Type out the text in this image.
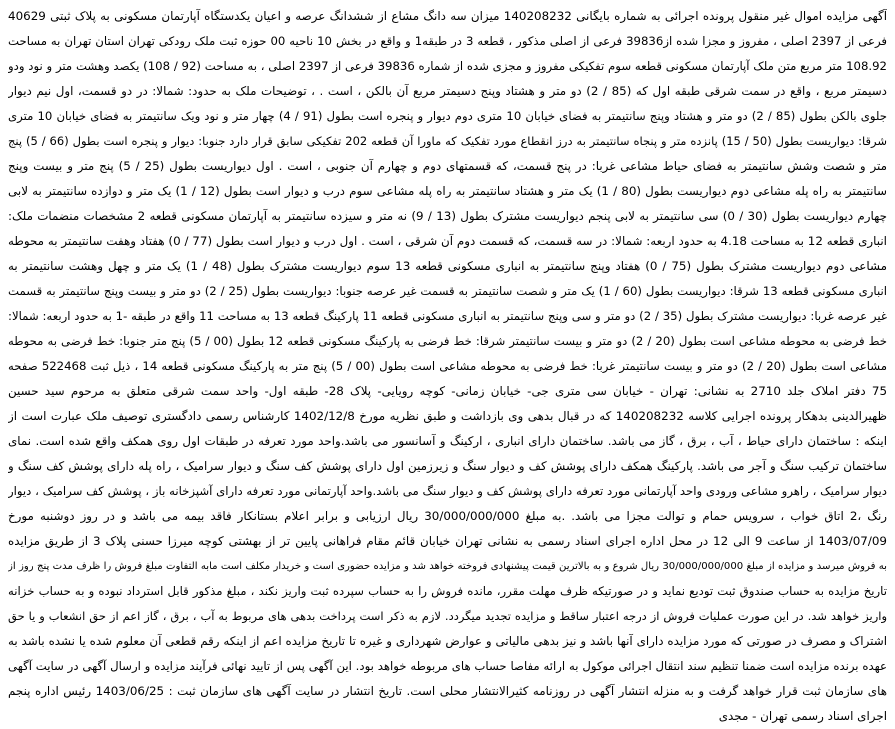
آگهی مزایده اموال غیر منقول پرونده اجرائی به شماره بایگانی 140208232 میزان سه دانگ مشاع از ششدانگ عرصه و اعیان یکدستگاه آپارتمان مسکونی به پلاک ثبتی 40629
فرعی از 2397 اصلی ، مفروز و مجزا شده از39836 فرعی از اصلی مذکور ، قطعه 3 در طبقه1 و واقع در بخش 10 ناحیه 00 حوزه ثبت ملک رودکی تهران استان تهران به مساحت
108.92 متر مربع متن ملک آپارتمان مسکونی قطعه سوم تفکیکی مفروز و مجزی شده از شماره 39836 فرعی از 2397 اصلی ، به مساحت (92 / 108) یکصد وهشت متر و نود ودو
دسیمتر مربع ، واقع در سمت شرقی طبقه اول که (85 / 2) دو متر و هشتاد وپنج دسیمتر مربع آن بالکن ، است . ، توضیحات ملک به حدود: شمالا: در دو قسمت، اول نیم دیوار
جلوی بالکن بطول (85 / 2) دو متر و هشتاد وپنج سانتیمتر به فضای خیابان 10 متری دوم دیوار و پنجره است بطول (91 / 4) چهار متر و نود ویک سانتیمتر به فضای خیابان 10 متری
شرقا: دیواریست بطول (50 / 15) پانزده متر و پنجاه سانتیمتر به درز انقطاع مورد تفکیک که ماورا آن قطعه 202 تفکیکی سابق قرار دارد جنوبا: دیوار و پنجره است بطول (66 / 5) پنج
متر و شصت وشش سانتیمتر به فضای حیاط مشاعی غربا: در پنج قسمت، که قسمتهای دوم و چهارم آن جنوبی ، است . اول دیواریست بطول (25 / 5) پنج متر و بیست وپنج
سانتیمتر به راه پله مشاعی دوم دیواریست بطول (80 / 1) یک متر و هشتاد سانتیمتر به راه پله مشاعی سوم درب و دیوار است بطول (12 / 1) یک متر و دوازده سانتیمتر به لابی
چهارم دیواریست بطول (30 / 0) سی سانتیمتر به لابی پنجم دیواریست مشترک بطول (13 / 9) نه متر و سیزده سانتیمتر به آپارتمان مسکونی قطعه 2 مشخصات منضمات ملک:
انباری قطعه 12 به مساحت 4.18 به حدود اربعه: شمالا: در سه قسمت، که قسمت دوم آن شرقی ، است . اول درب و دیوار است بطول (77 / 0) هفتاد وهفت سانتیمتر به محوطه
مشاعی دوم دیواریست مشترک بطول (75 / 0) هفتاد وپنج سانتیمتر به انباری مسکونی قطعه 13 سوم دیواریست مشترک بطول (48 / 1) یک متر و چهل وهشت سانتیمتر به
انباری مسکونی قطعه 13 شرقا: دیواریست بطول (60 / 1) یک متر و شصت سانتیمتر به قسمت غیر عرصه جنوبا: دیواریست بطول (25 / 2) دو متر و بیست وپنج سانتیمتر به قسمت
غیر عرصه غربا: دیواریست مشترک بطول (35 / 2) دو متر و سی وپنج سانتیمتر به انباری مسکونی قطعه 11 پارکینگ قطعه 13 به مساحت 11 واقع در طبقه -1 به حدود اربعه: شمالا:
خط فرضی به محوطه مشاعی است بطول (20 / 2) دو متر و بیست سانتیمتر شرقا: خط فرضی به پارکینگ مسکونی قطعه 12 بطول (00 / 5) پنج متر جنوبا: خط فرضی به محوطه
مشاعی است بطول (20 / 2) دو متر و بیست سانتیمتر غربا: خط فرضی به محوطه مشاعی است بطول (00 / 5) پنج متر به پارکینگ مسکونی قطعه 14 ، ذیل ثبت 522468 صفحه
75 دفتر املاک جلد 2710 به نشانی: تهران - خیابان سی متری جی- خیابان زمانی- کوچه رویایی- پلاک 28- طبقه اول- واحد سمت شرقی متعلق به مرحوم سید حسین
ظهیرالدینی بدهکار پرونده اجرایی کلاسه 140208232 که در قبال بدهی وی بازداشت و طبق نظریه مورخ 1402/12/8 کارشناس رسمی دادگستری توصیف ملک عبارت است از
اینکه : ساختمان دارای حیاط ، آب ، برق ، گاز می باشد. ساختمان دارای انباری ، ارکینگ و آسانسور می باشد.واحد مورد تعرفه در طبقات اول روی همکف واقع شده است. نمای
ساختمان ترکیب سنگ و آجر می باشد. پارکینگ همکف دارای پوشش کف و دیوار سنگ و زیرزمین اول دارای پوشش کف سنگ و دیوار سرامیک ، راه پله دارای پوشش کف سنگ و
دیوار سرامیک ، راهرو مشاعی ورودی واحد آپارتمانی مورد تعرفه دارای پوشش کف و دیوار سنگ می باشد.واحد آپارتمانی مورد تعرفه دارای آشپزخانه باز ، پوشش کف سرامیک ، دیوار
رنگ ،2 اتاق خواب ، سرویس حمام و توالت مجزا می باشد. .به مبلغ 30/000/000/000 ریال ارزیابی و برابر اعلام بستانکار فاقد بیمه می باشد و در روز دوشنبه مورخ
1403/07/09 از ساعت 9 الی 12 در محل اداره اجرای اسناد رسمی به نشانی تهران خیابان قائم مقام فراهانی پایین تر از بهشتی کوچه میرزا حسنی پلاک 3 از طریق مزایده
به فروش میرسد و مزایده از مبلغ 30/000/000/000 ریال شروع و به بالاترین قیمت پیشنهادی فروخته خواهد شد و مزایده حضوری است و خریدار مکلف است مابه التفاوت مبلغ فروش را ظرف مدت پنج روز از
تاریخ مزایده به حساب صندوق ثبت تودیع نماید و در صورتیکه ظرف مهلت مقرر، مانده فروش را به حساب سپرده ثبت واریز نکند ، مبلغ مذکور قابل استرداد نبوده و به حساب خزانه
واریز خواهد شد. در این صورت عملیات فروش از درجه اعتبار ساقط و مزایده تجدید میگردد. لازم به ذکر است پرداخت بدهی های مربوط به آب ، برق ، گاز اعم از حق انشعاب و یا حق
اشتراک و مصرف در صورتی که مورد مزایده دارای آنها باشد و نیز بدهی مالیاتی و عوارض شهرداری و غیره تا تاریخ مزایده اعم از اینکه رقم قطعی آن معلوم شده یا نشده باشد به
عهده برنده مزایده است ضمنا تنظیم سند انتقال اجرائی موکول به ارائه مفاصا حساب های مربوطه خواهد بود. این آگهی پس از تایید نهائی فرآیند مزایده و ارسال آگهی در سایت آگهی
های سازمان ثبت قرار خواهد گرفت و به منزله انتشار آگهی در روزنامه کثیرالانتشار محلی است. تاریخ انتشار در سایت آگهی های سازمان ثبت : 1403/06/25 رئیس اداره پنجم
اجرای اسناد رسمی تهران - مجدی
